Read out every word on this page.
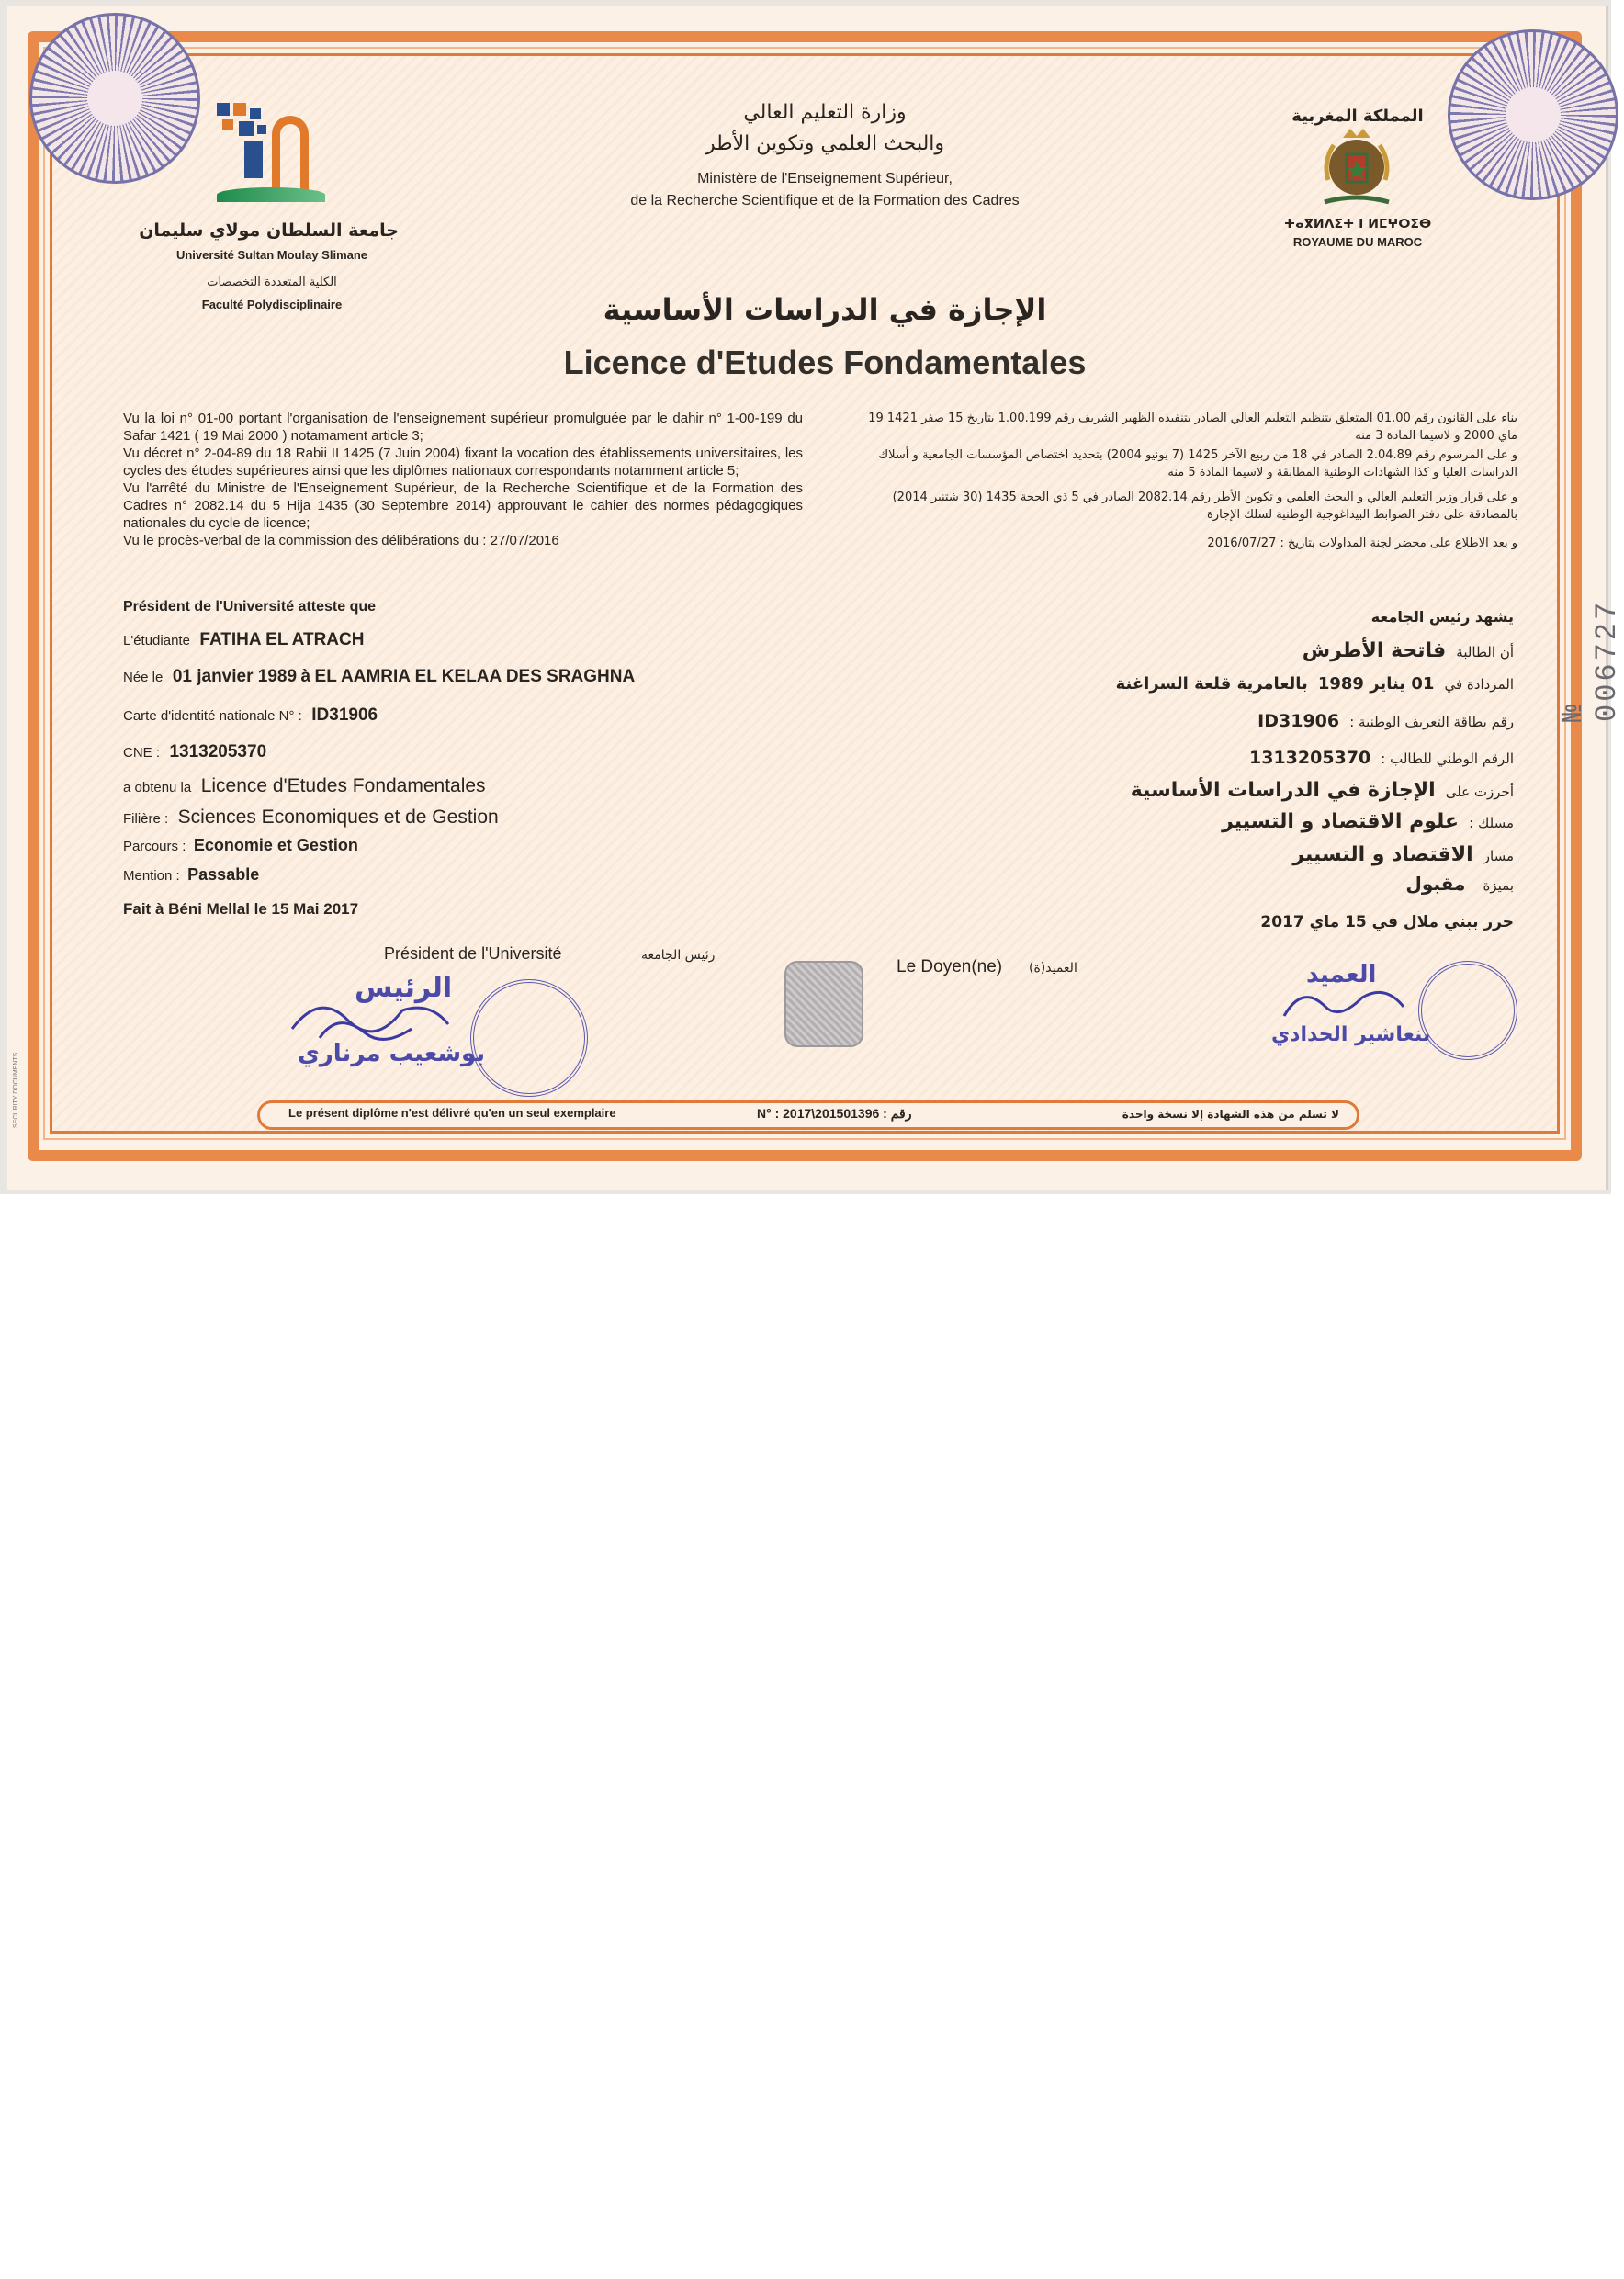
جامعة السلطان مولاي سليمان
Université Sultan Moulay Slimane
الكلية المتعددة التخصصات
Faculté Polydisciplinaire
وزارة التعليم العالي
والبحث العلمي وتكوين الأطر
Ministère de l'Enseignement Supérieur,
de la Recherche Scientifique et de la Formation des Cadres
المملكة المغربية
ⵜⴰⴳⵍⴷⵉⵜ ⵏ ⵍⵎⵖⵔⵉⴱ
ROYAUME DU MAROC
الإجازة في الدراسات الأساسية
Licence d'Etudes Fondamentales
Vu la loi n° 01-00 portant l'organisation de l'enseignement supérieur promulguée par le dahir n° 1-00-199 du Safar 1421 ( 19 Mai 2000 ) notamament article 3;
Vu décret n° 2-04-89 du 18 Rabii II 1425 (7 Juin 2004) fixant la vocation des établissements universitaires, les cycles des études supérieures ainsi que les diplômes nationaux correspondants notamment article 5;
Vu l'arrêté du Ministre de l'Enseignement Supérieur, de la Recherche Scientifique et de la Formation des Cadres n° 2082.14 du 5 Hija 1435 (30 Septembre 2014) approuvant le cahier des normes pédagogiques nationales du cycle de licence;
Vu le procès-verbal de la commission des délibérations du : 27/07/2016
بناء على القانون رقم 01.00 المتعلق بتنظيم التعليم العالي الصادر بتنفيذه الظهير الشريف رقم 1.00.199 بتاريخ 15 صفر 1421 19 ماي 2000 و لاسيما المادة 3 منه
و على المرسوم رقم 2.04.89 الصادر في 18 من ربيع الآخر 1425 (7 يونيو 2004) بتحديد اختصاص المؤسسات الجامعية و أسلاك الدراسات العليا و كذا الشهادات الوطنية المطابقة و لاسيما المادة 5 منه
و على قرار وزير التعليم العالي و البحث العلمي و تكوين الأطر رقم 2082.14 الصادر في 5 ذي الحجة 1435 (30 شتنبر 2014) بالمصادقة على دفتر الضوابط البيداغوجية الوطنية لسلك الإجازة
و بعد الاطلاع على محضر لجنة المداولات بتاريخ : 2016/07/27
Président de l'Université atteste que
L'étudiante FATIHA EL ATRACH
Née le 01 janvier 1989 à EL AAMRIA EL KELAA DES SRAGHNA
Carte d'identité nationale N° : ID31906
CNE : 1313205370
a obtenu la Licence d'Etudes Fondamentales
Filière : Sciences Economiques et de Gestion
Parcours : Economie et Gestion
Mention : Passable
Fait à Béni Mellal le 15 Mai 2017
يشهد رئيس الجامعة
أن الطالبة فاتحة الأطرش
المزدادة في 01 يناير 1989 بالعامرية قلعة السراغنة
رقم بطاقة التعريف الوطنية : ID31906
الرقم الوطني للطالب : 1313205370
أحرزت على الإجازة في الدراسات الأساسية
مسلك : علوم الاقتصاد و التسيير
مسار الاقتصاد و التسيير
بميزة مقبول
حرر ببني ملال في 15 ماي 2017
Président de l'Université	رئيس الجامعة
الرئيس
بوشعيب مرناري
Le Doyen(ne) العميد(ة)	العميد
بنعاشير الحدادي
Le présent diplôme n'est délivré qu'en un seul exemplaire	N° : 2017\201501396 : رقم	لا تسلم من هذه الشهادة إلا نسخة واحدة
№ 006727
SECURITY DOCUMENTS
